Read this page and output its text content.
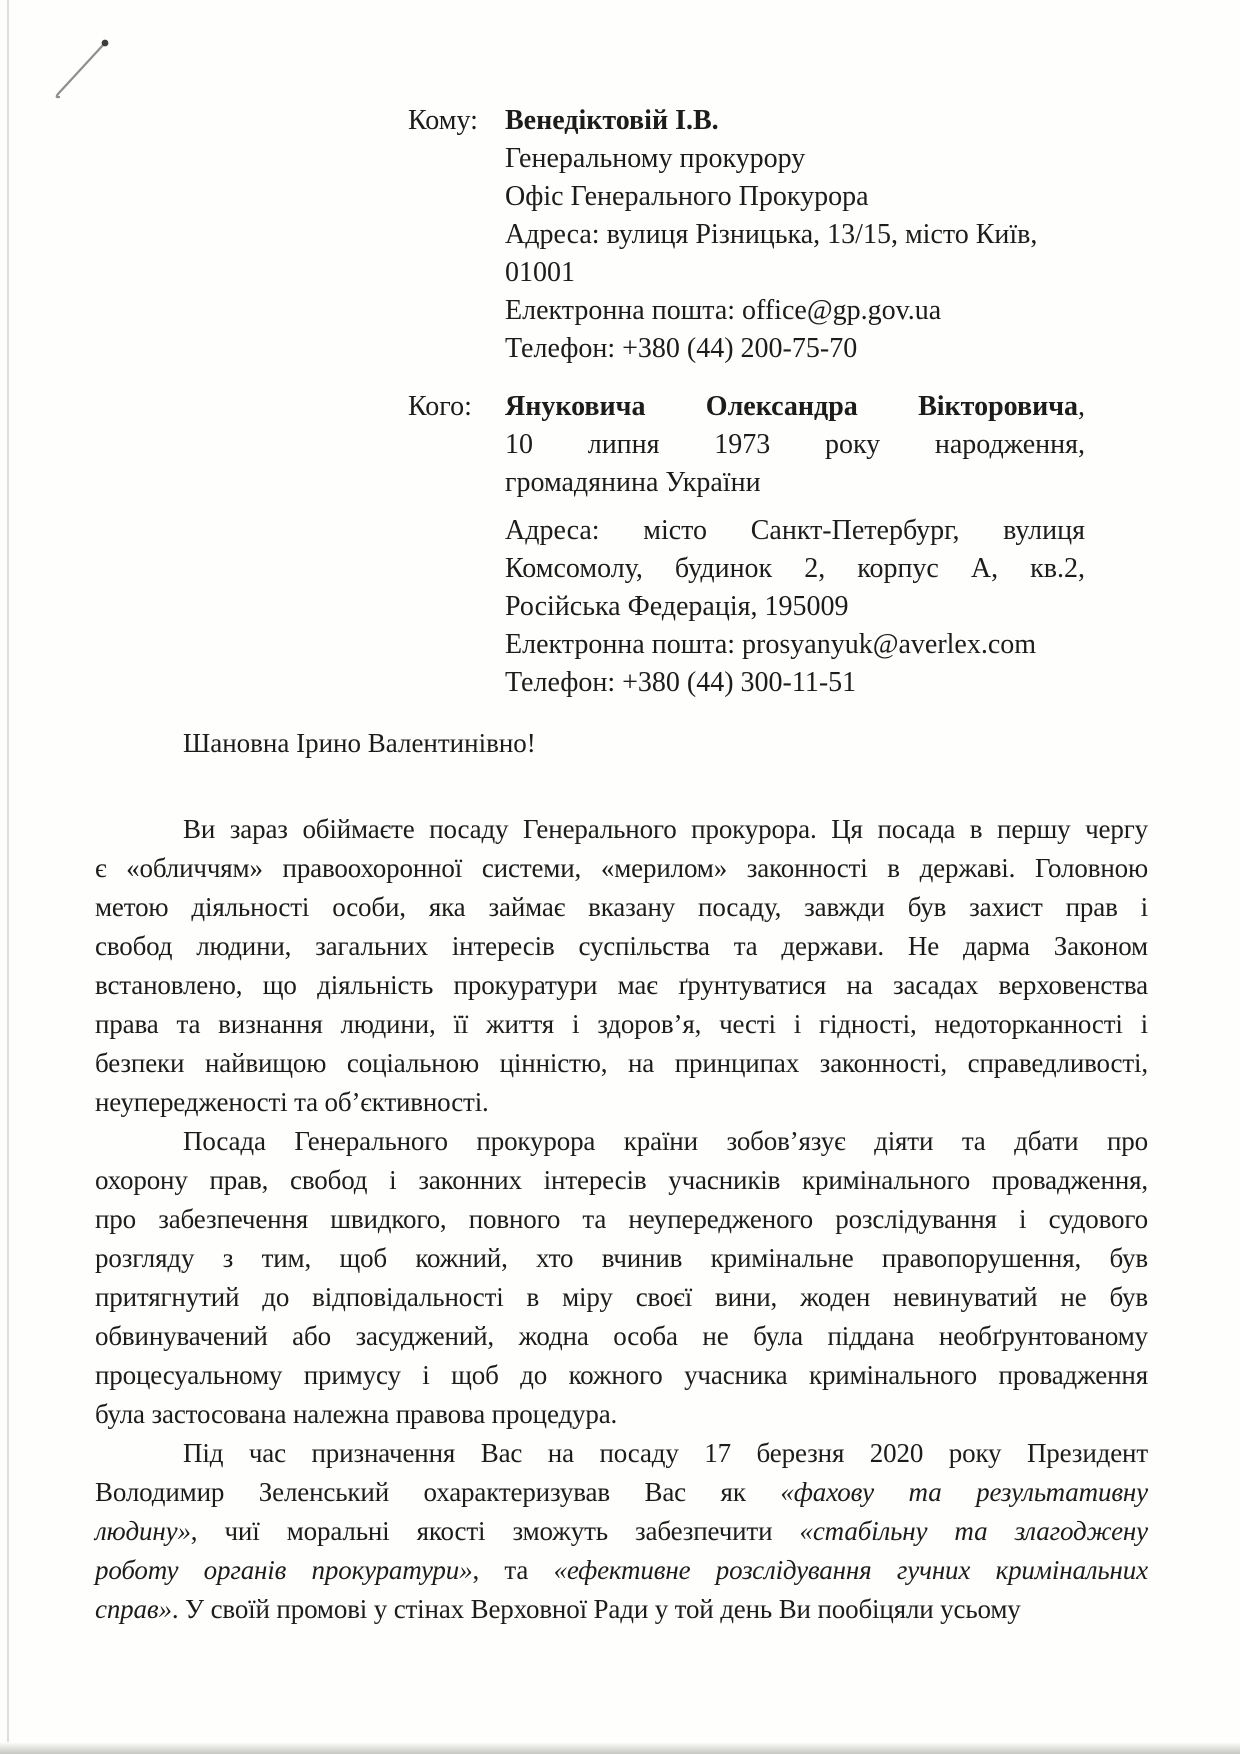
Кому: Венедіктовій І.В.
Генеральному прокурору
Офіс Генерального Прокурора
Адреса: вулиця Різницька, 13/15, місто Київ,
01001
Електронна пошта: office@gp.gov.ua
Телефон: +380 (44) 200-75-70
Кого:	Януковича Олександра Вікторовича,
10 липня 1973 року народження,
громадянина України
Адреса: місто Санкт-Петербург, вулиця
Комсомолу, будинок 2, корпус А, кв.2,
Російська Федерація, 195009
Електронна пошта: prosyanyuk@averlex.com
Телефон: +380 (44) 300-11-51
Шановна Ірино Валентинівно!
Ви зараз обіймаєте посаду Генерального прокурора. Ця посада в першу чергу
є «обличчям» правоохоронної системи, «мерилом» законності в державі. Головною
метою діяльності особи, яка займає вказану посаду, завжди був захист прав і
свобод людини, загальних інтересів суспільства та держави. Не дарма Законом
встановлено, що діяльність прокуратури має ґрунтуватися на засадах верховенства
права та визнання людини, її життя і здоров’я, честі і гідності, недоторканності і
безпеки найвищою соціальною цінністю, на принципах законності, справедливості,
неупередженості та об’єктивності.
Посада Генерального прокурора країни зобов’язує діяти та дбати про
охорону прав, свобод і законних інтересів учасників кримінального провадження,
про забезпечення швидкого, повного та неупередженого розслідування і судового
розгляду з тим, щоб кожний, хто вчинив кримінальне правопорушення, був
притягнутий до відповідальності в міру своєї вини, жоден невинуватий не був
обвинувачений або засуджений, жодна особа не була піддана необґрунтованому
процесуальному примусу і щоб до кожного учасника кримінального провадження
була застосована належна правова процедура.
Під час призначення Вас на посаду 17 березня 2020 року Президент
Володимир Зеленський охарактеризував Вас як «фахову та результативну
людину», чиї моральні якості зможуть забезпечити «стабільну та злагоджену
роботу органів прокуратури», та «ефективне розслідування гучних кримінальних
справ». У своїй промові у стінах Верховної Ради у той день Ви пообіцяли усьому
